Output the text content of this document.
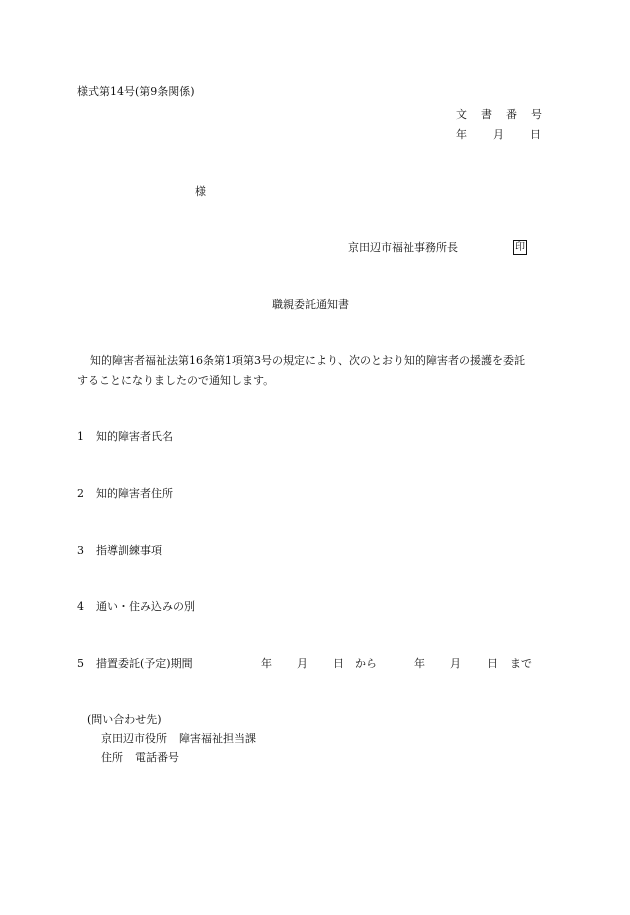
様式第14号(第9条関係)
文 書 番 号
年 月 日
様
京田辺市福祉事務所長	印
職親委託通知書
知的障害者福祉法第16条第1項第3号の規定により、次のとおり知的障害者の援護を委託
することになりましたので通知します。
1 知的障害者氏名
2 知的障害者住所
3 指導訓練事項
4 通い・住み込みの別
5 措置委託(予定)期間	年 月 日 から	年 月 日 まで
(問い合わせ先)
京田辺市役所 障害福祉担当課
住所 電話番号
